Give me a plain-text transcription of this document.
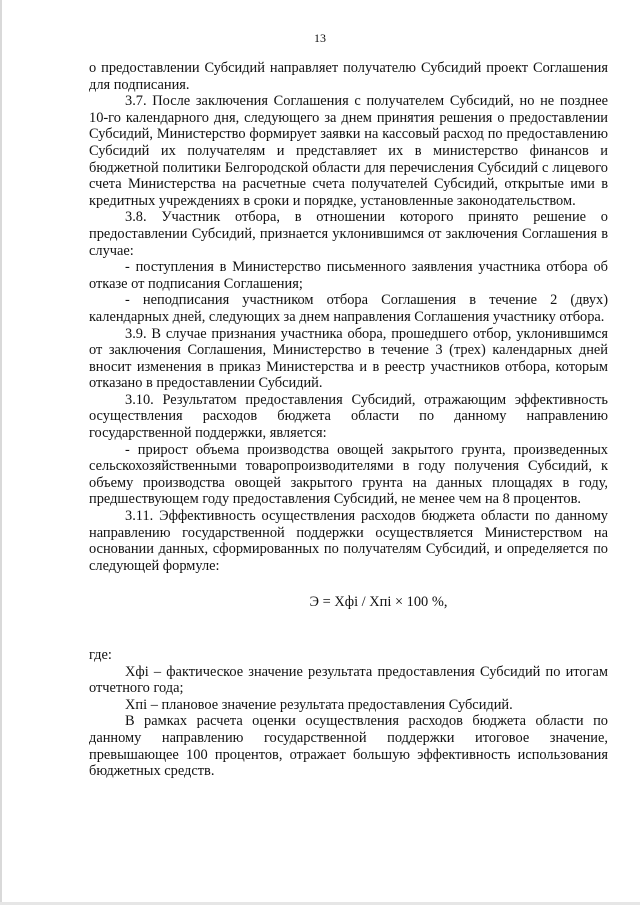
13

о предоставлении Субсидий направляет получателю Субсидий проект Соглашения для подписания.

3.7. После заключения Соглашения с получателем Субсидий, но не позднее 10-го календарного дня, следующего за днем принятия решения о предоставлении Субсидий, Министерство формирует заявки на кассовый расход по предоставлению Субсидий их получателям и представляет их в министерство финансов и бюджетной политики Белгородской области для перечисления Субсидий с лицевого счета Министерства на расчетные счета получателей Субсидий, открытые ими в кредитных учреждениях в сроки и порядке, установленные законодательством.

3.8. Участник отбора, в отношении которого принято решение о предоставлении Субсидий, признается уклонившимся от заключения Соглашения в случае:

- поступления в Министерство письменного заявления участника отбора об отказе от подписания Соглашения;

- неподписания участником отбора Соглашения в течение 2 (двух) календарных дней, следующих за днем направления Соглашения участнику отбора.

3.9. В случае признания участника обора, прошедшего отбор, уклонившимся от заключения Соглашения, Министерство в течение 3 (трех) календарных дней вносит изменения в приказ Министерства и в реестр участников отбора, которым отказано в предоставлении Субсидий.

3.10. Результатом предоставления Субсидий, отражающим эффективность осуществления расходов бюджета области по данному направлению государственной поддержки, является:

- прирост объема производства овощей закрытого грунта, произведенных сельскохозяйственными товаропроизводителями в году получения Субсидий, к объему производства овощей закрытого грунта на данных площадях в году, предшествующем году предоставления Субсидий, не менее чем на 8 процентов.

3.11. Эффективность осуществления расходов бюджета области по данному направлению государственной поддержки осуществляется Министерством на основании данных, сформированных по получателям Субсидий, и определяется по следующей формуле:

Э = Xфi / Xпi × 100 %,

где:

Xфi – фактическое значение результата предоставления Субсидий по итогам отчетного года;

Xпi – плановое значение результата предоставления Субсидий.

В рамках расчета оценки осуществления расходов бюджета области по данному направлению государственной поддержки итоговое значение, превышающее 100 процентов, отражает большую эффективность использования бюджетных средств.
